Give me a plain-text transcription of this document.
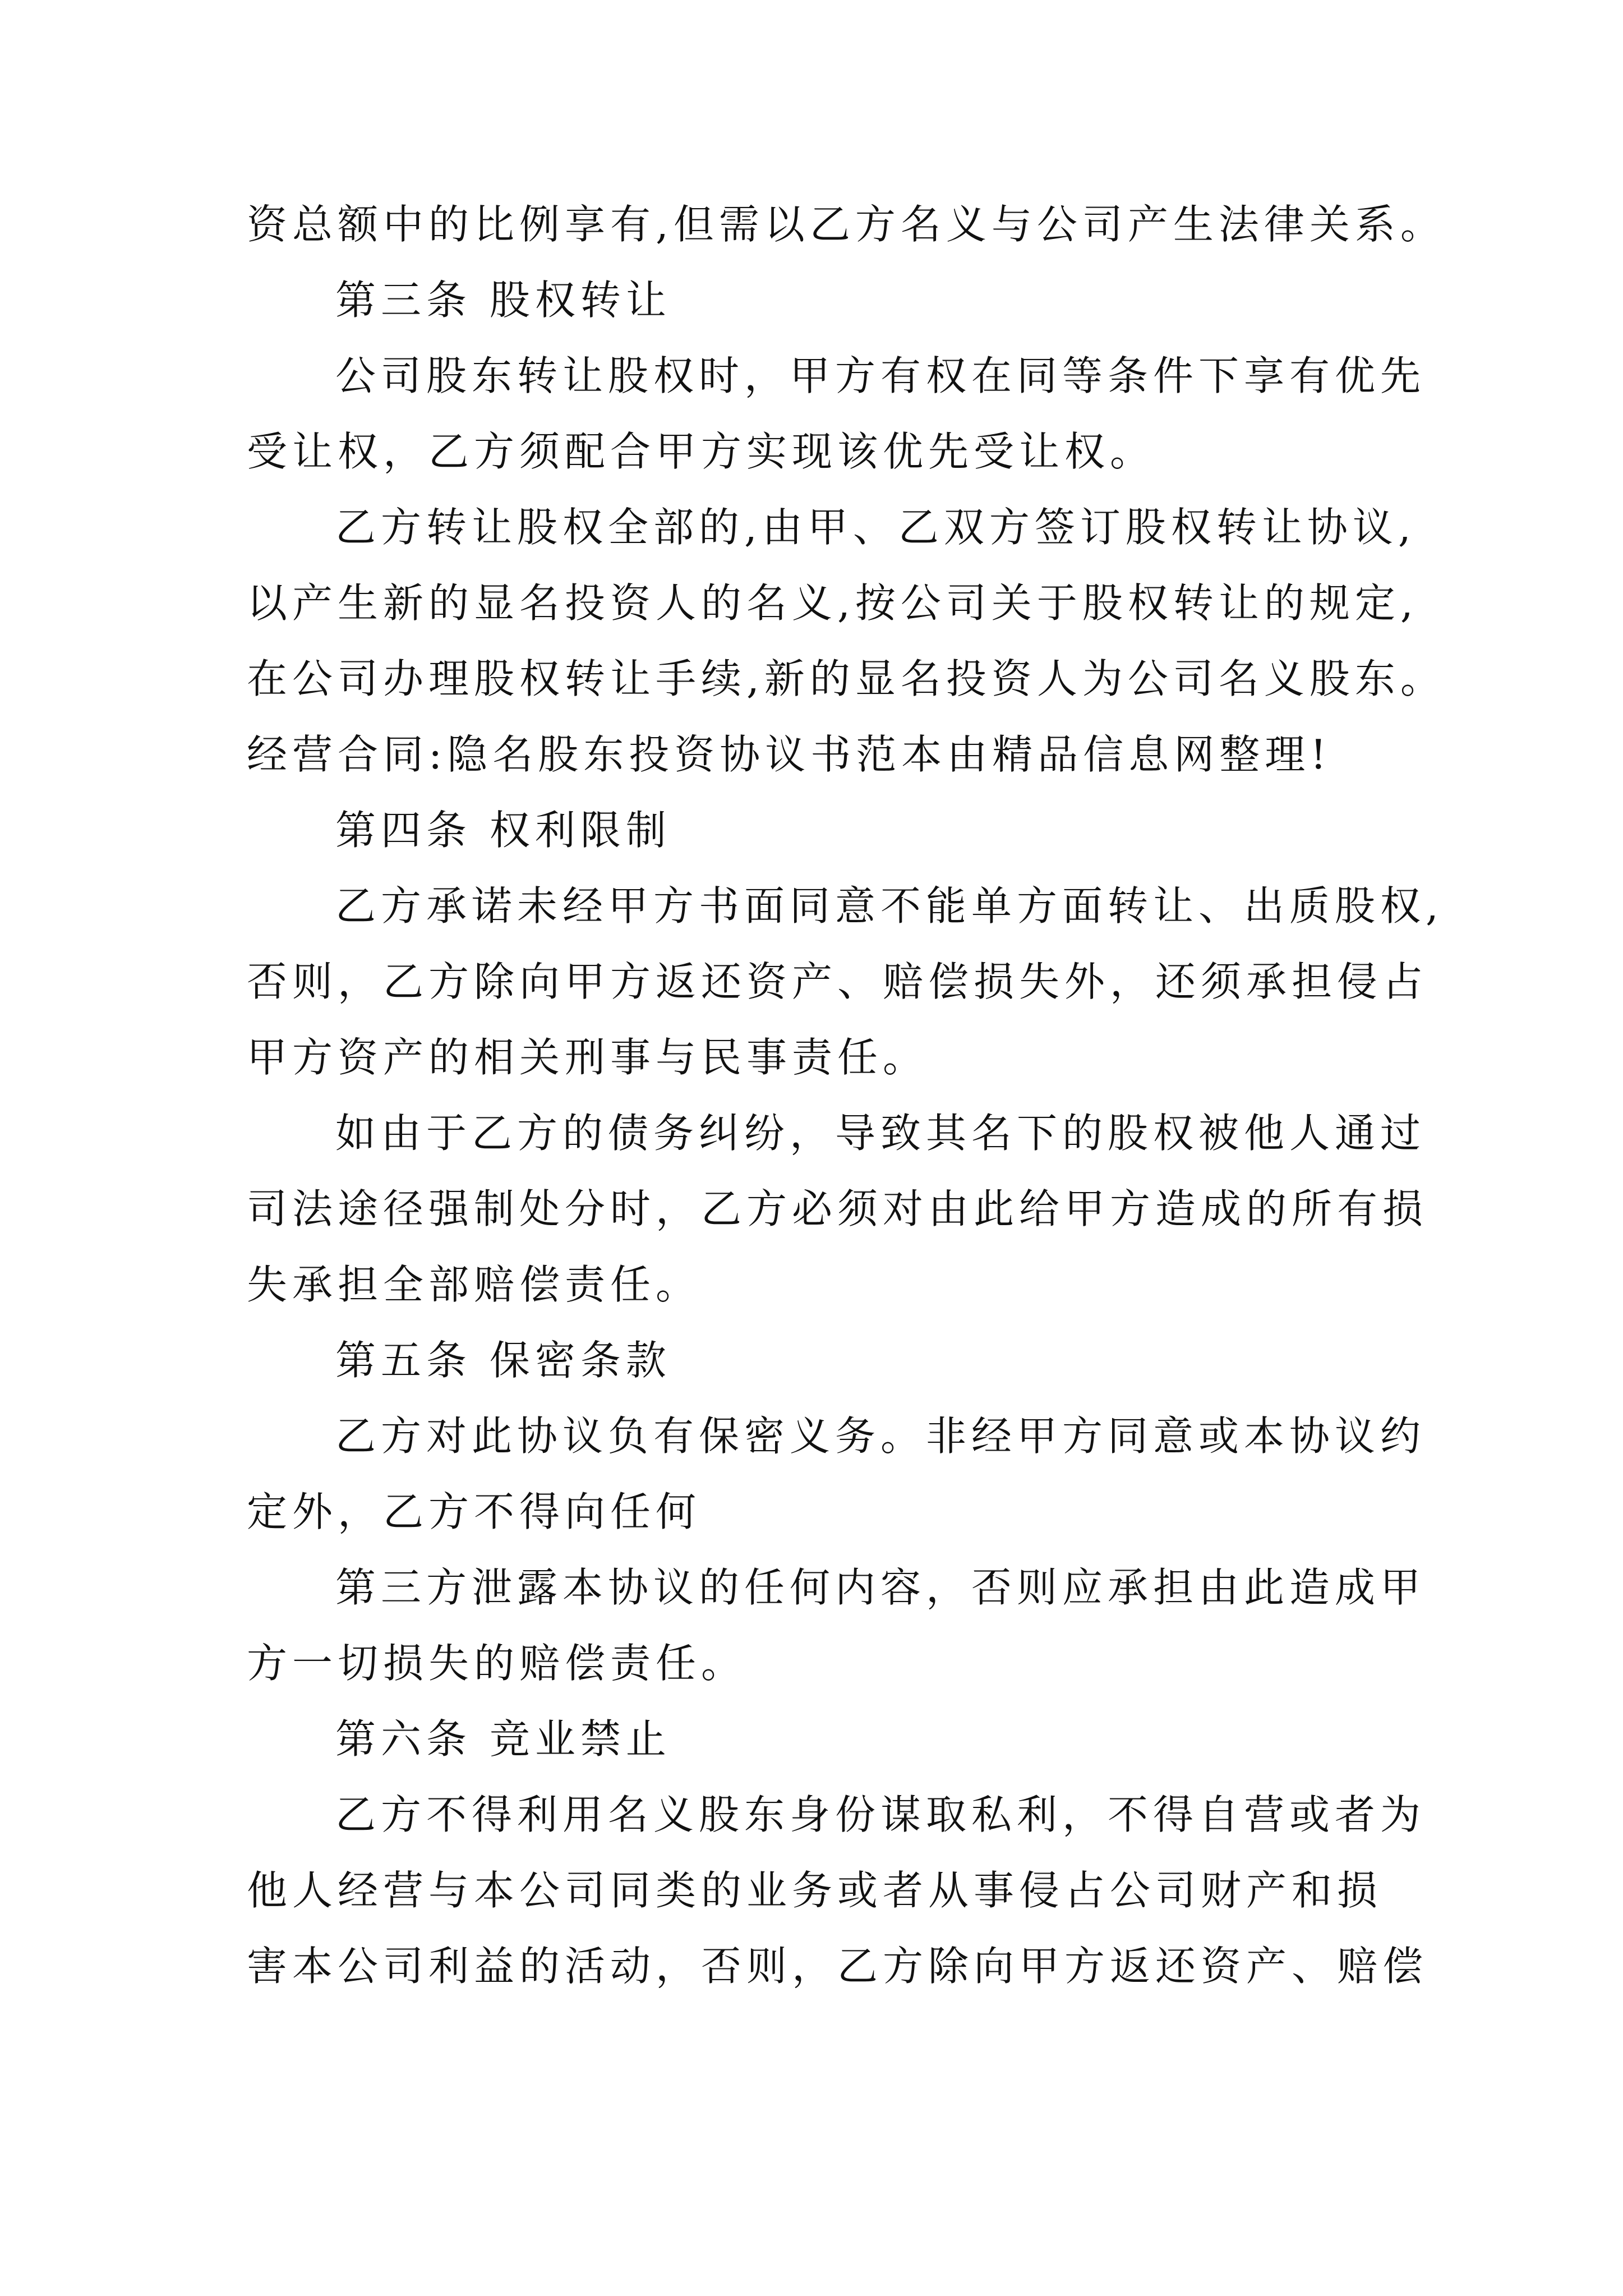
资总额中的比例享有,但需以乙方名义与公司产生法律关系。
第三条 股权转让
公司股东转让股权时，甲方有权在同等条件下享有优先
受让权，乙方须配合甲方实现该优先受让权。
乙方转让股权全部的,由甲、乙双方签订股权转让协议,
以产生新的显名投资人的名义,按公司关于股权转让的规定,
在公司办理股权转让手续,新的显名投资人为公司名义股东。
经营合同:隐名股东投资协议书范本由精品信息网整理!
第四条 权利限制
乙方承诺未经甲方书面同意不能单方面转让、出质股权,
否则，乙方除向甲方返还资产、赔偿损失外，还须承担侵占
甲方资产的相关刑事与民事责任。
如由于乙方的债务纠纷，导致其名下的股权被他人通过
司法途径强制处分时，乙方必须对由此给甲方造成的所有损
失承担全部赔偿责任。
第五条 保密条款
乙方对此协议负有保密义务。非经甲方同意或本协议约
定外，乙方不得向任何
第三方泄露本协议的任何内容，否则应承担由此造成甲
方一切损失的赔偿责任。
第六条 竞业禁止
乙方不得利用名义股东身份谋取私利，不得自营或者为
他人经营与本公司同类的业务或者从事侵占公司财产和损
害本公司利益的活动，否则，乙方除向甲方返还资产、赔偿
